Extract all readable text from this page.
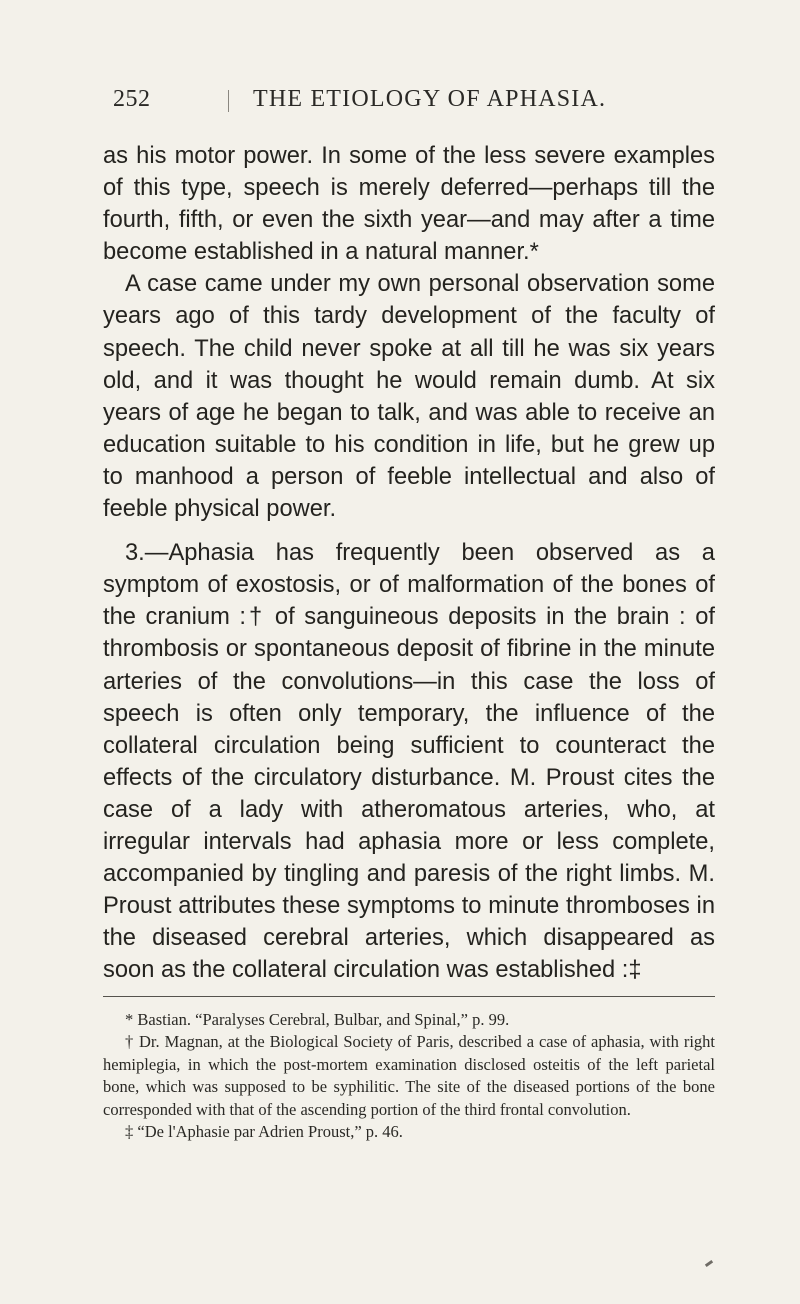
252	THE ETIOLOGY OF APHASIA.

as his motor power. In some of the less severe examples of this type, speech is merely deferred—perhaps till the fourth, fifth, or even the sixth year—and may after a time become established in a natural manner.*

A case came under my own personal observation some years ago of this tardy development of the faculty of speech. The child never spoke at all till he was six years old, and it was thought he would remain dumb. At six years of age he began to talk, and was able to receive an education suitable to his condition in life, but he grew up to manhood a person of feeble intellectual and also of feeble physical power.

3.—Aphasia has frequently been observed as a symptom of exostosis, or of malformation of the bones of the cranium :† of sanguineous deposits in the brain : of thrombosis or spontaneous deposit of fibrine in the minute arteries of the convolutions—in this case the loss of speech is often only temporary, the influence of the collateral circulation being sufficient to counteract the effects of the circulatory disturbance. M. Proust cites the case of a lady with atheromatous arteries, who, at irregular intervals had aphasia more or less complete, accompanied by tingling and paresis of the right limbs. M. Proust attributes these symptoms to minute thromboses in the diseased cerebral arteries, which disappeared as soon as the collateral circulation was established :‡

* Bastian. “Paralyses Cerebral, Bulbar, and Spinal,” p. 99.

† Dr. Magnan, at the Biological Society of Paris, described a case of aphasia, with right hemiplegia, in which the post-mortem examination disclosed osteitis of the left parietal bone, which was supposed to be syphilitic. The site of the diseased portions of the bone corresponded with that of the ascending portion of the third frontal convolution.

‡ “De l'Aphasie par Adrien Proust,” p. 46.
